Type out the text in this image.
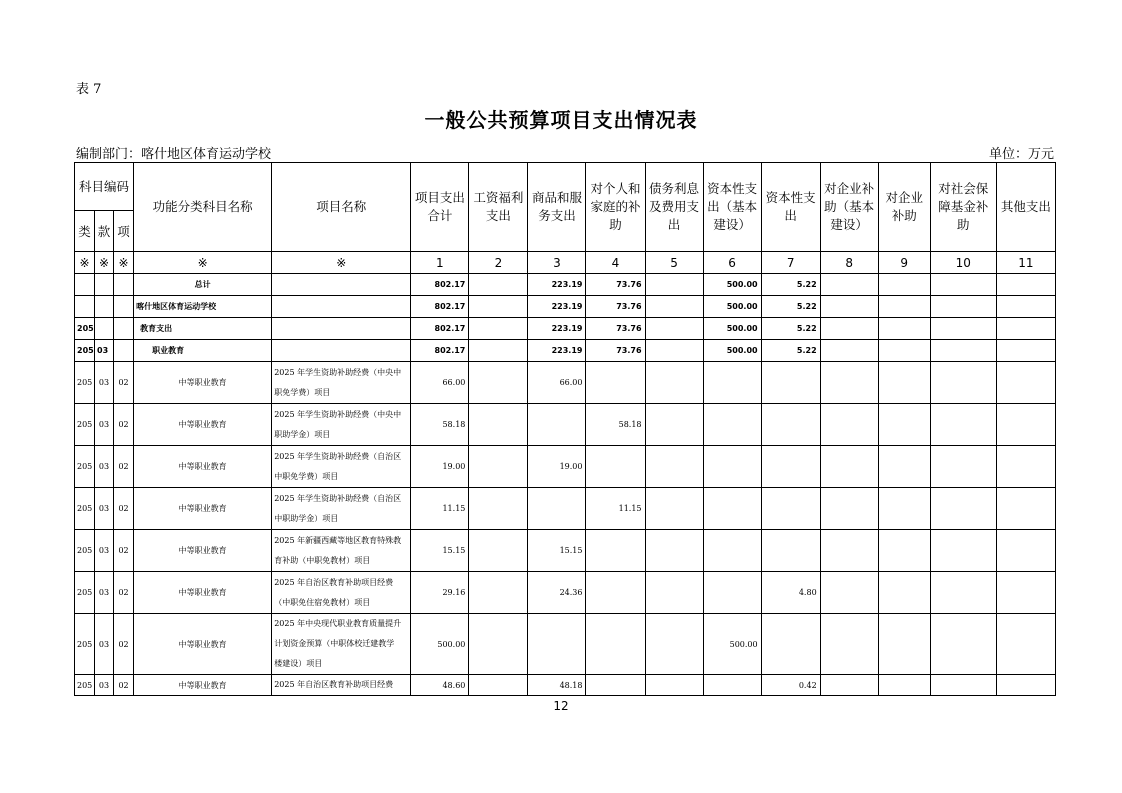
表 7
一般公共预算项目支出情况表
编制部门：喀什地区体育运动学校	单位：万元
科目编码			功能分类科目名称	项目名称	项目支出合计	工资福利支出	商品和服务支出	对个人和家庭的补助	债务利息及费用支出	资本性支出（基本建设）	资本性支出	对企业补助（基本建设）	对企业补助	对社会保障基金补助	其他支出
类	款	项													
※	※	※	※	※	1	2	3	4	5	6	7	8	9	10	11
			总计		802.17		223.19	73.76		500.00	5.22				
			喀什地区体育运动学校		802.17		223.19	73.76		500.00	5.22				
205			教育支出		802.17		223.19	73.76		500.00	5.22				
205	03		职业教育		802.17		223.19	73.76		500.00	5.22				
205	03	02	中等职业教育	2025 年学生资助补助经费（中央中
职免学费）项目	66.00		66.00								
205	03	02	中等职业教育	2025 年学生资助补助经费（中央中
职助学金）项目	58.18			58.18							
205	03	02	中等职业教育	2025 年学生资助补助经费（自治区
中职免学费）项目	19.00		19.00								
205	03	02	中等职业教育	2025 年学生资助补助经费（自治区
中职助学金）项目	11.15			11.15							
205	03	02	中等职业教育	2025 年新疆西藏等地区教育特殊教
育补助（中职免教材）项目	15.15		15.15								
205	03	02	中等职业教育	2025 年自治区教育补助项目经费
（中职免住宿免教材）项目	29.16		24.36				4.80				
205	03	02	中等职业教育	2025 年中央现代职业教育质量提升
计划资金预算（中职体校迁建教学
楼建设）项目	500.00					500.00					
205	03	02	中等职业教育	2025 年自治区教育补助项目经费	48.60		48.18				0.42				
12
